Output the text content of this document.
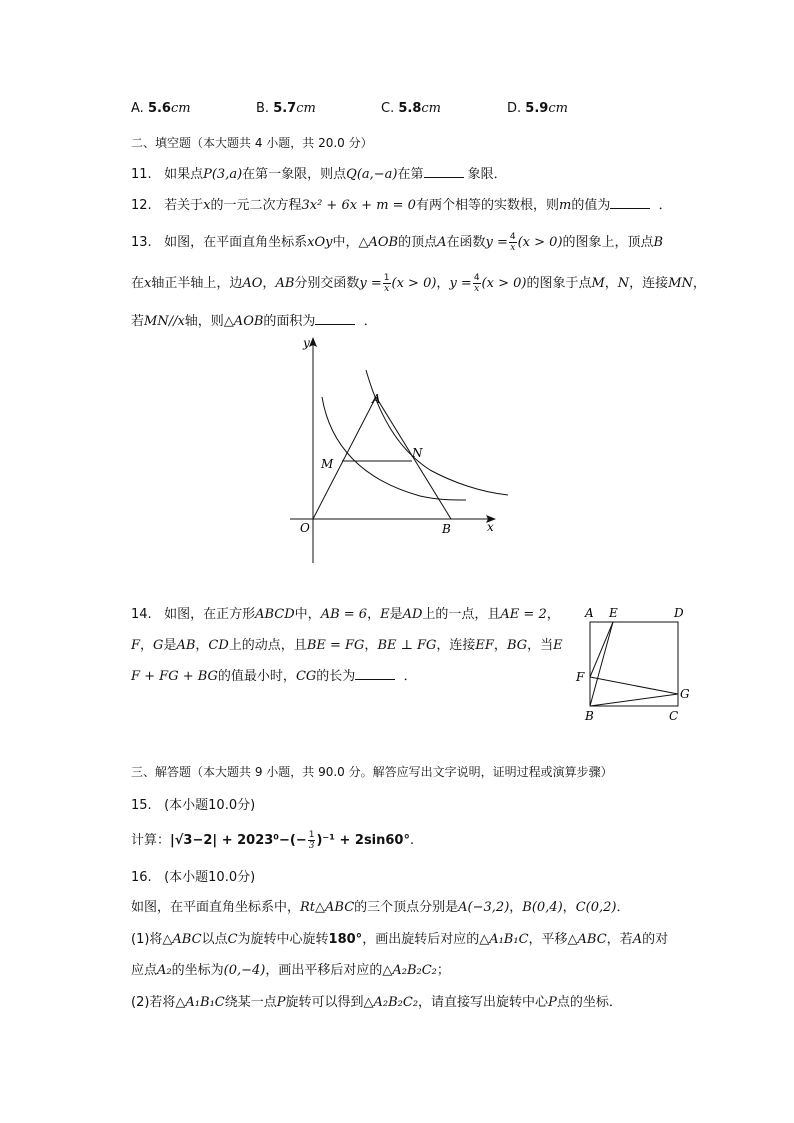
A. 5.6cm	B. 5.7cm	C. 5.8cm	D. 5.9cm
二、填空题（本大题共 4 小题，共 20.0 分）
11. 如果点P(3,a)在第一象限，则点Q(a,−a)在第	象限．
12. 若关于x的一元二次方程3x² + 6x + m = 0有两个相等的实数根，则m的值为	．
13. 如图，在平面直角坐标系xOy中，△AOB的顶点A在函数$y = \frac{4}{x} (x > 0)$的图象上，顶点B
在x轴正半轴上，边AO，AB分别交函数$y = \frac{1}{x} (x > 0)$，$y = \frac{4}{x} (x > 0)$的图象于点M，N，连接MN，
若MN//x轴，则△AOB的面积为	．
y
x
O
A
B
M
N
14. 如图，在正方形ABCD中，AB = 6，E是AD上的一点，且AE = 2，
F，G是AB，CD上的动点，且BE = FG，BE ⊥ FG，连接EF，BG，当E
F + FG + BG的值最小时，CG的长为	．
A E	D
F
G
B	C
三、解答题（本大题共 9 小题，共 90.0 分。解答应写出文字说明，证明过程或演算步骤）
15. (本小题10.0分)
计算：$|√3-2| + 2023^0-(- \frac{1}{3} )^{-1} + 2\sin 60^\circ$.
16. (本小题10.0分)
如图，在平面直角坐标系中，Rt△ABC的三个顶点分别是A(−3,2)，B(0,4)，C(0,2)．
(1)将△ABC以点C为旋转中心旋转180°，画出旋转后对应的△A₁B₁C，平移△ABC，若A的对
应点A₂的坐标为(0,−4)，画出平移后对应的△A₂B₂C₂；
(2)若将△A₁B₁C绕某一点P旋转可以得到△A₂B₂C₂，请直接写出旋转中心P点的坐标．
